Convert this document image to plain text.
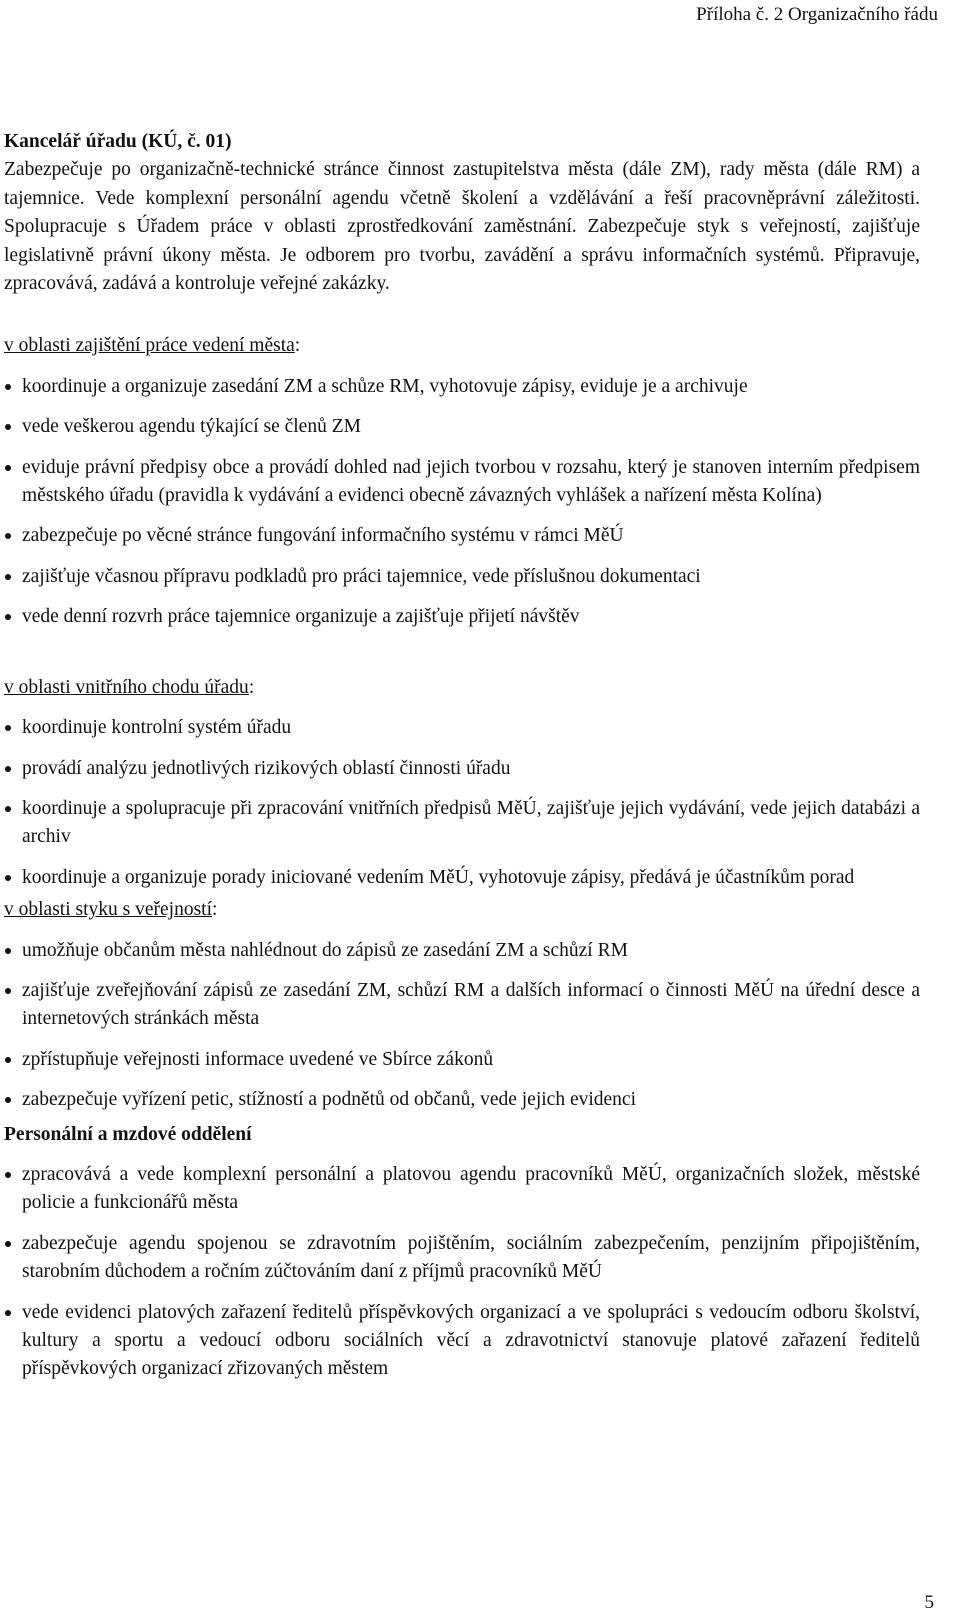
Příloha č. 2 Organizačního řádu

Kancelář úřadu (KÚ, č. 01)

Zabezpečuje po organizačně-technické stránce činnost zastupitelstva města (dále ZM), rady města (dále RM) a tajemnice. Vede komplexní personální agendu včetně školení a vzdělávání a řeší pracovněprávní záležitosti. Spolupracuje s Úřadem práce v oblasti zprostředkování zaměstnání. Zabezpečuje styk s veřejností, zajišťuje legislativně právní úkony města. Je odborem pro tvorbu, zavádění a správu informačních systémů. Připravuje, zpracovává, zadává a kontroluje veřejné zakázky.

v oblasti zajištění práce vedení města:

koordinuje a organizuje zasedání ZM a schůze RM, vyhotovuje zápisy, eviduje je a archivuje
vede veškerou agendu týkající se členů ZM
eviduje právní předpisy obce a provádí dohled nad jejich tvorbou v rozsahu, který je stanoven interním předpisem městského úřadu (pravidla k vydávání a evidenci obecně závazných vyhlášek a nařízení města Kolína)
zabezpečuje po věcné stránce fungování informačního systému v rámci MěÚ
zajišťuje včasnou přípravu podkladů pro práci tajemnice, vede příslušnou dokumentaci
vede denní rozvrh práce tajemnice organizuje a zajišťuje přijetí návštěv

v oblasti vnitřního chodu úřadu:

koordinuje kontrolní systém úřadu
provádí analýzu jednotlivých rizikových oblastí činnosti úřadu
koordinuje a spolupracuje při zpracování vnitřních předpisů MěÚ, zajišťuje jejich vydávání, vede jejich databázi a archiv
koordinuje a organizuje porady iniciované vedením MěÚ, vyhotovuje zápisy, předává je účastníkům porad

v oblasti styku s veřejností:

umožňuje občanům města nahlédnout do zápisů ze zasedání ZM a schůzí RM
zajišťuje zveřejňování zápisů ze zasedání ZM, schůzí RM a dalších informací o činnosti MěÚ na úřední desce a internetových stránkách města
zpřístupňuje veřejnosti informace uvedené ve Sbírce zákonů
zabezpečuje vyřízení petic, stížností a podnětů od občanů, vede jejich evidenci

Personální a mzdové oddělení

zpracovává a vede komplexní personální a platovou agendu pracovníků MěÚ, organizačních složek, městské policie a funkcionářů města
zabezpečuje agendu spojenou se zdravotním pojištěním, sociálním zabezpečením, penzijním připojištěním, starobním důchodem a ročním zúčtováním daní z příjmů pracovníků MěÚ
vede evidenci platových zařazení ředitelů příspěvkových organizací a ve spolupráci s vedoucím odboru školství, kultury a sportu a vedoucí odboru sociálních věcí a zdravotnictví stanovuje platové zařazení ředitelů příspěvkových organizací zřizovaných městem
5
